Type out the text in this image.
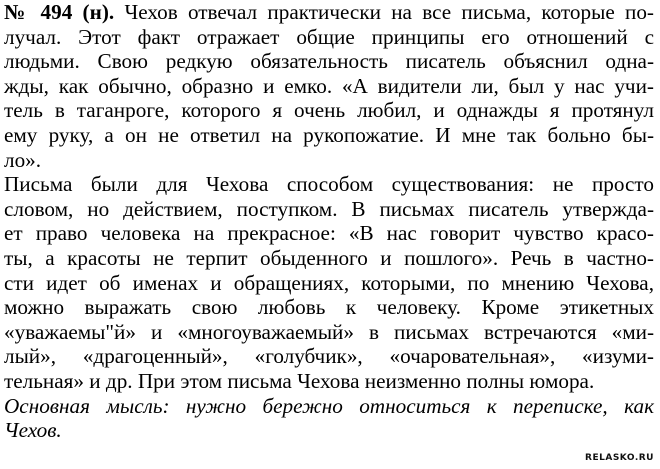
№ 494 (н). Чехов отвечал практически на все письма, которые по-
лучал. Этот факт отражает общие принципы его отношений с
людьми. Свою редкую обязательность писатель объяснил одна-
жды, как обычно, образно и емко. «А видители ли, был у нас учи-
тель в таганроге, которого я очень любил, и однажды я протянул
ему руку, а он не ответил на рукопожатие. И мне так больно бы-
ло».
Письма были для Чехова способом существования: не просто
словом, но действием, поступком. В письмах писатель утвержда-
ет право человека на прекрасное: «В нас говорит чувство красо-
ты, а красоты не терпит обыденного и пошлого». Речь в частно-
сти идет об именах и обращениях, которыми, по мнению Чехова,
можно выражать свою любовь к человеку. Кроме этикетных
«уважаемы"й» и «многоуважаемый» в письмах встречаются «ми-
лый», «драгоценный», «голубчик», «очаровательная», «изуми-
тельная» и др. При этом письма Чехова неизменно полны юмора.
Основная мысль: нужно бережно относиться к переписке, как
Чехов.
RELASKO.RU
